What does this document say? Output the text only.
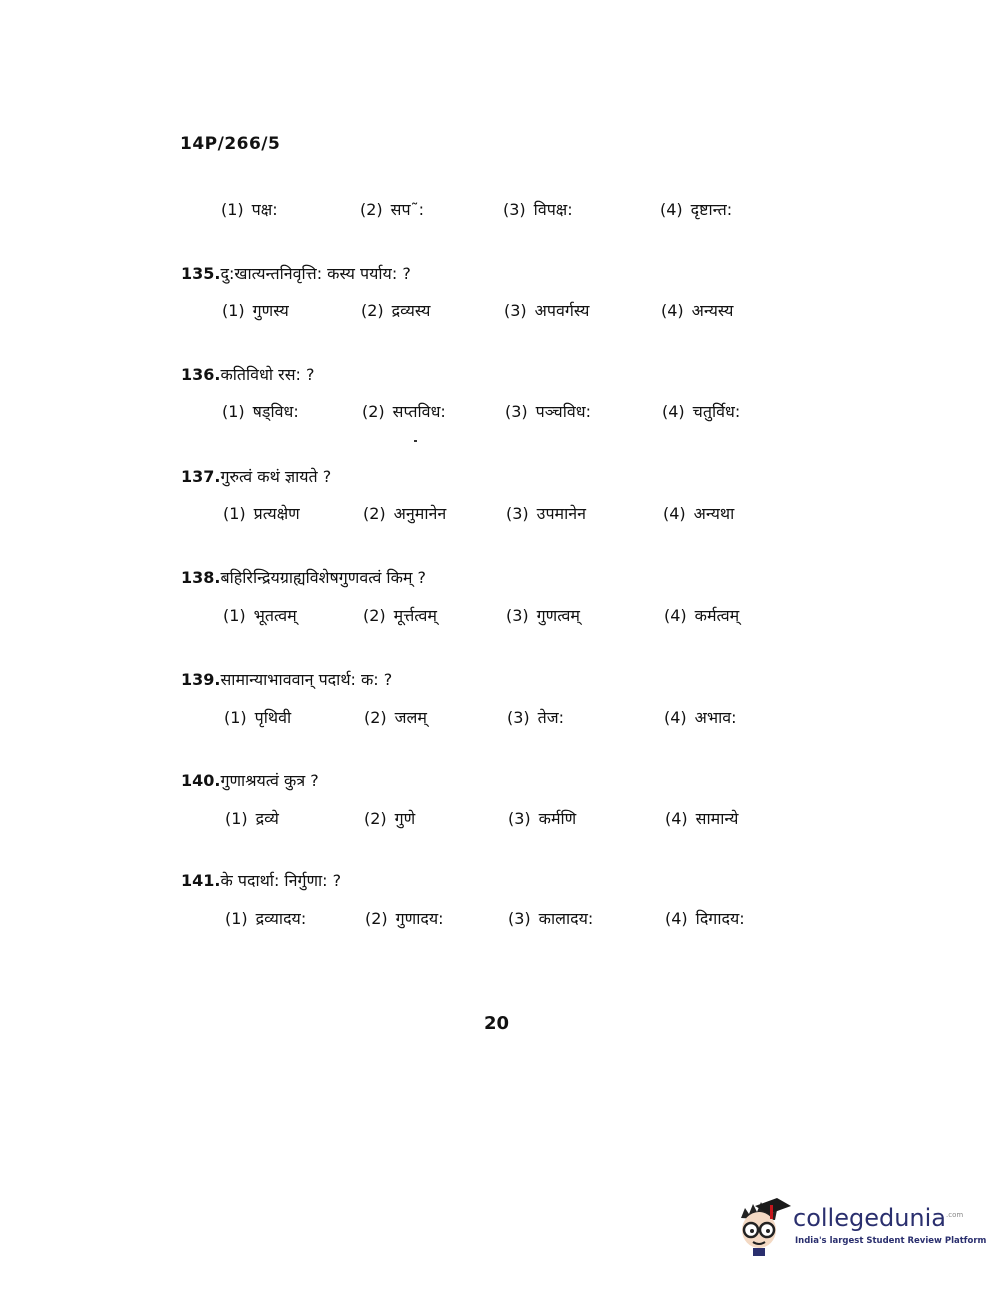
14P/266/5
(1) पक्ष:	(2) सप˜:	(3) विपक्ष:	(4) दृष्टान्त:
135.दु:खात्यन्तनिवृत्ति: कस्य पर्याय: ?
(1) गुणस्य	(2) द्रव्यस्य	(3) अपवर्गस्य	(4) अन्यस्य
136.कतिविधो रस: ?
(1) षड्विध:	(2) सप्तविध:	(3) पञ्चविध:	(4) चतुर्विध:
137.गुरुत्वं कथं ज्ञायते ?
(1) प्रत्यक्षेण	(2) अनुमानेन	(3) उपमानेन	(4) अन्यथा
138.बहिरिन्द्रियग्राह्यविशेषगुणवत्वं किम् ?
(1) भूतत्वम्	(2) मूर्त्तत्वम्	(3) गुणत्वम्	(4) कर्मत्वम्
139.सामान्याभाववान् पदार्थ: क: ?
(1) पृथिवी	(2) जलम्	(3) तेज:	(4) अभाव:
140.गुणाश्रयत्वं कुत्र ?
(1) द्रव्ये	(2) गुणे	(3) कर्मणि	(4) सामान्ये
141.के पदार्था: निर्गुणा: ?
(1) द्रव्यादय:	(2) गुणादय:	(3) कालादय:	(4) दिगादय:
20
collegedunia$^{.com}$
India's largest Student Review Platform
